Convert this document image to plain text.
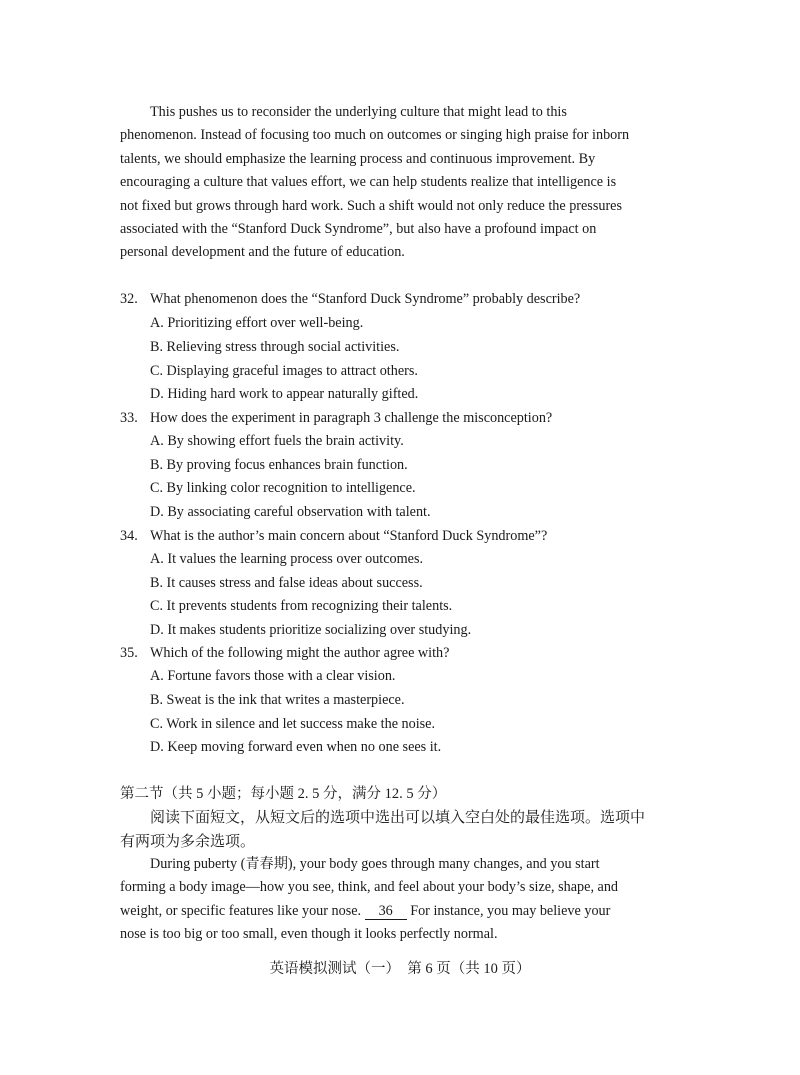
This pushes us to reconsider the underlying culture that might lead to this
phenomenon. Instead of focusing too much on outcomes or singing high praise for inborn
talents, we should emphasize the learning process and continuous improvement. By
encouraging a culture that values effort, we can help students realize that intelligence is
not fixed but grows through hard work. Such a shift would not only reduce the pressures
associated with the “Stanford Duck Syndrome”, but also have a profound impact on
personal development and the future of education.
32. What phenomenon does the “Stanford Duck Syndrome” probably describe?
A. Prioritizing effort over well-being.
B. Relieving stress through social activities.
C. Displaying graceful images to attract others.
D. Hiding hard work to appear naturally gifted.
33. How does the experiment in paragraph 3 challenge the misconception?
A. By showing effort fuels the brain activity.
B. By proving focus enhances brain function.
C. By linking color recognition to intelligence.
D. By associating careful observation with talent.
34. What is the author’s main concern about “Stanford Duck Syndrome”?
A. It values the learning process over outcomes.
B. It causes stress and false ideas about success.
C. It prevents students from recognizing their talents.
D. It makes students prioritize socializing over studying.
35. Which of the following might the author agree with?
A. Fortune favors those with a clear vision.
B. Sweat is the ink that writes a masterpiece.
C. Work in silence and let success make the noise.
D. Keep moving forward even when no one sees it.
第二节（共 5 小题；每小题 2. 5 分，满分 12. 5 分）
阅读下面短文，从短文后的选项中选出可以填入空白处的最佳选项。选项中
有两项为多余选项。
During puberty (青春期), your body goes through many changes, and you start
forming a body image—how you see, think, and feel about your body’s size, shape, and
weight, or specific features like your nose. 36 For instance, you may believe your
nose is too big or too small, even though it looks perfectly normal.
英语模拟测试（一）　第 6 页（共 10 页）
